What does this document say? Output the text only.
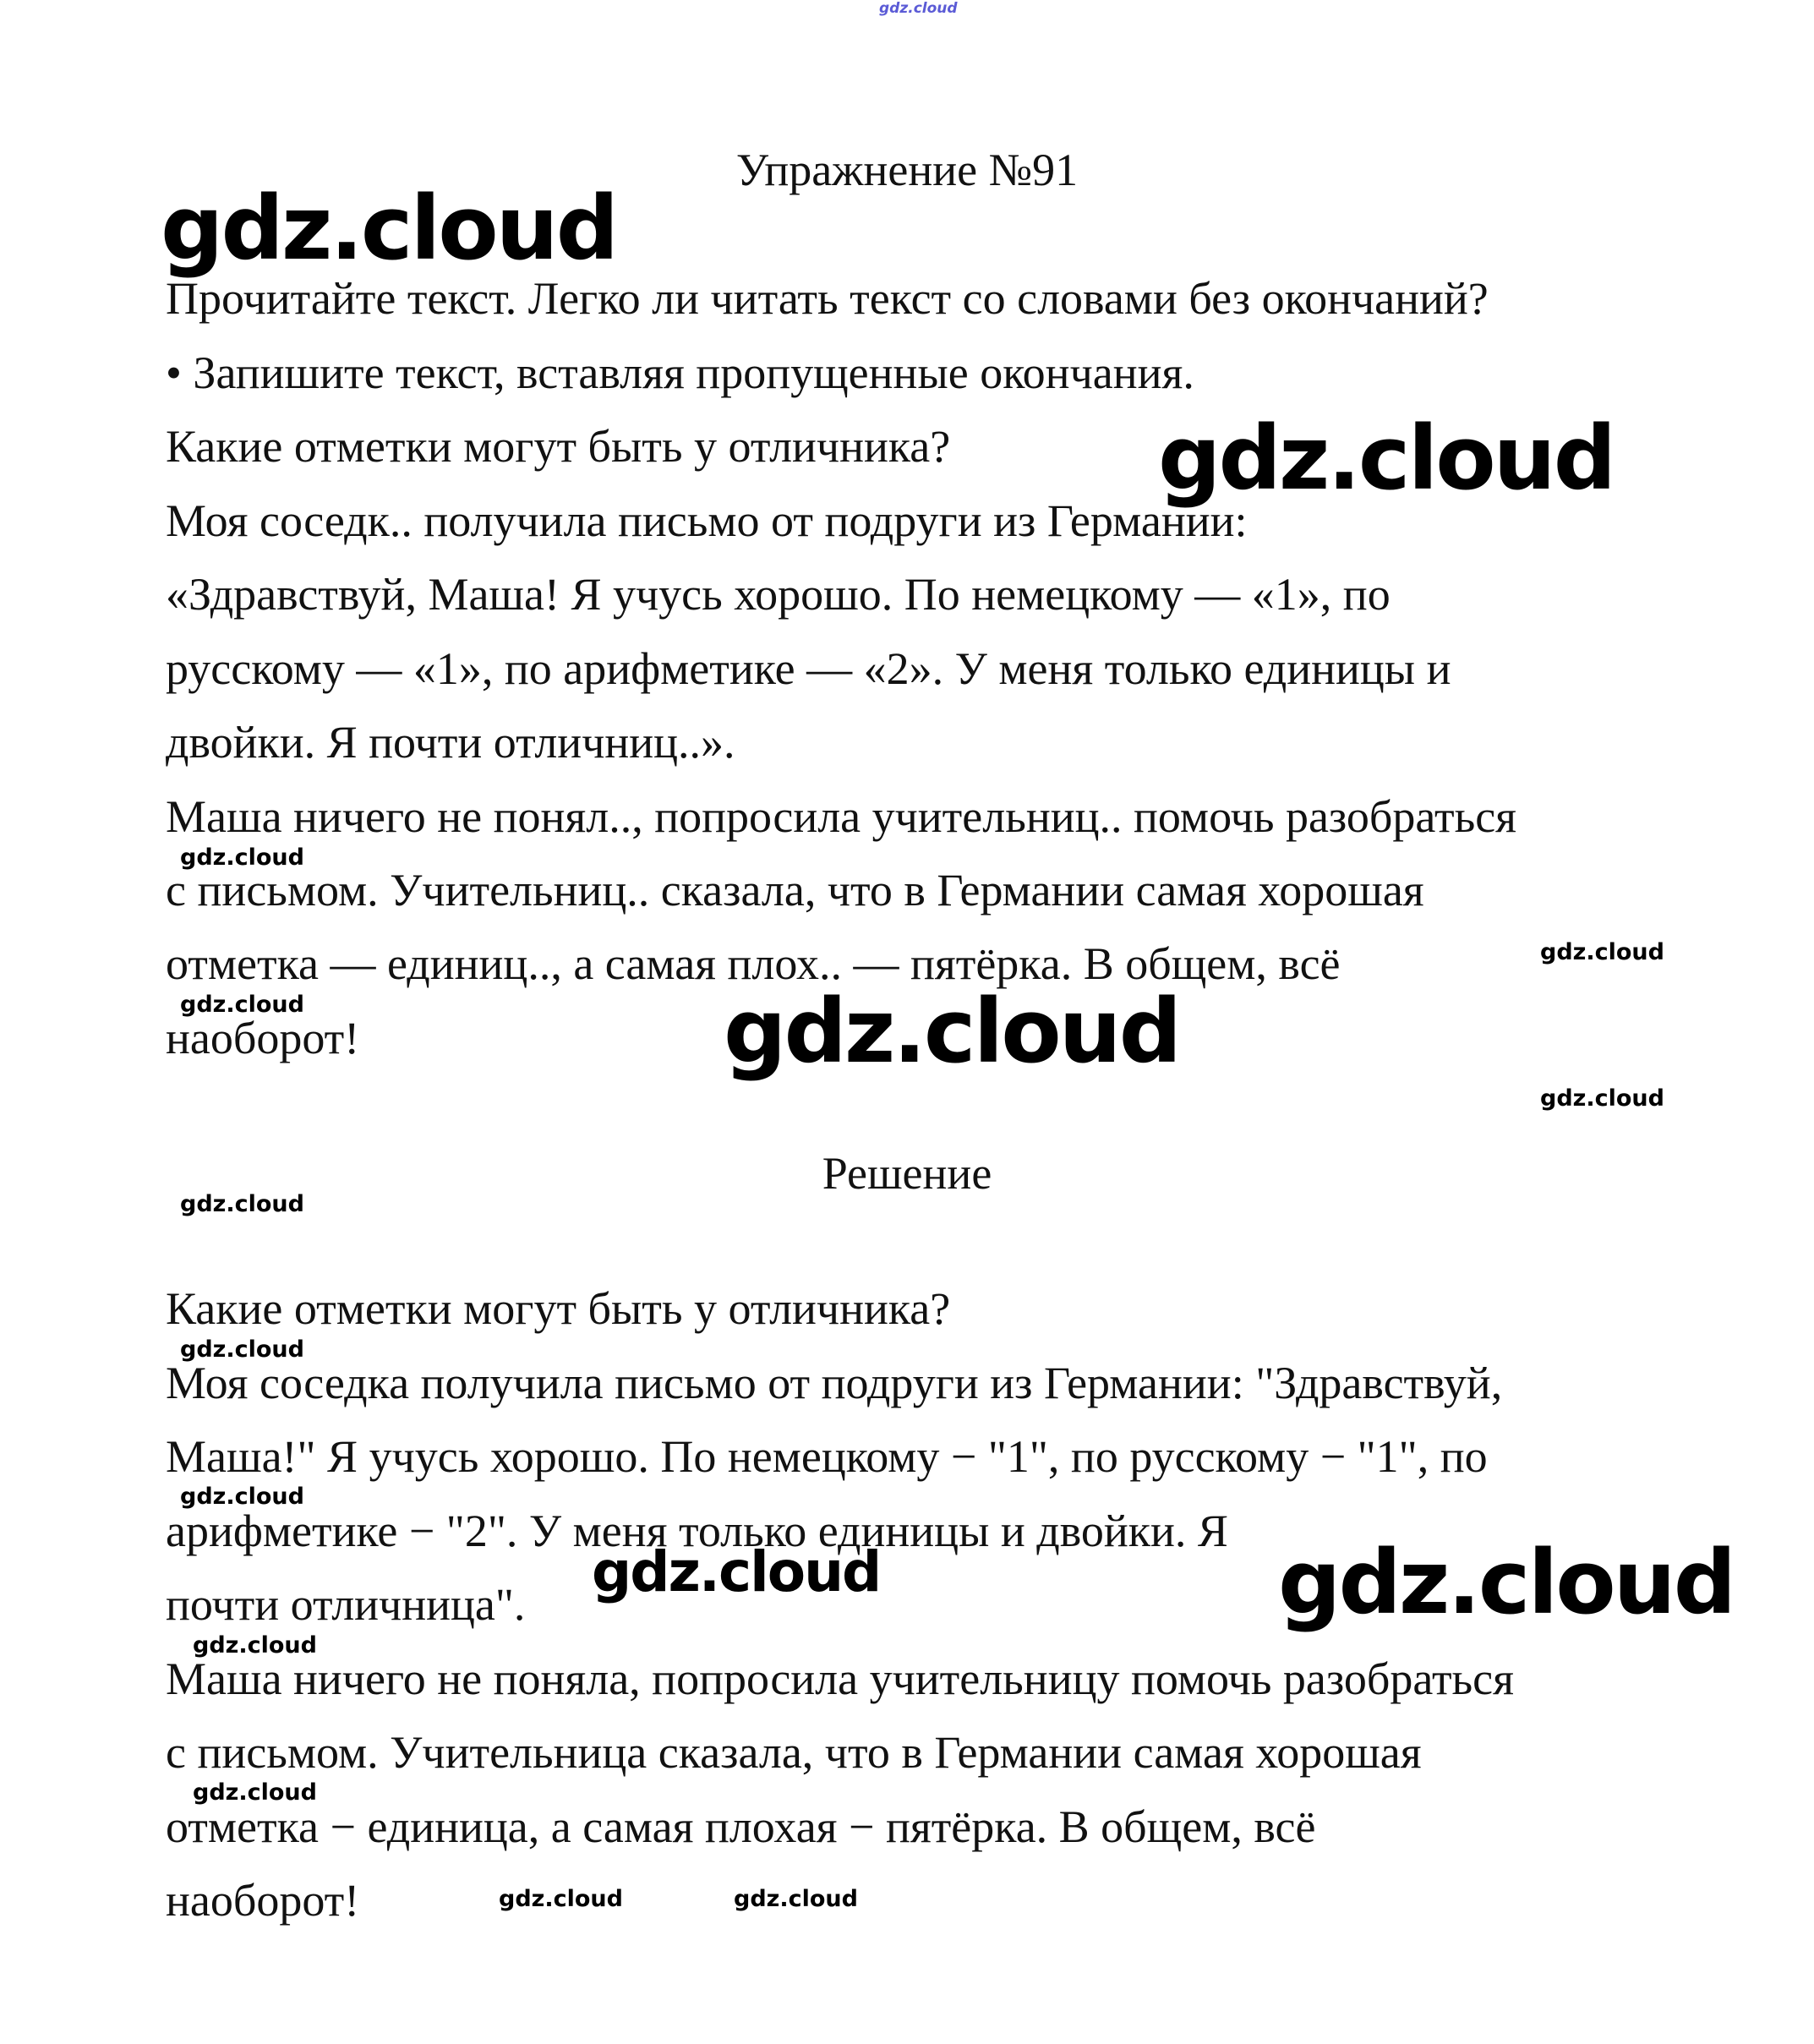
gdz.cloud
Упражнение №91
Прочитайте текст. Легко ли читать текст со словами без окончаний?
• Запишите текст, вставляя пропущенные окончания.
Какие отметки могут быть у отличника?
Моя соседк.. получила письмо от подруги из Германии:
«Здравствуй, Маша! Я учусь хорошо. По немецкому — «1», по
русскому — «1», по арифметике — «2». У меня только единицы и
двойки. Я почти отличниц..».
Маша ничего не понял.., попросила учительниц.. помочь разобраться
с письмом. Учительниц.. сказала, что в Германии самая хорошая
отметка — единиц.., а самая плох.. — пятёрка. В общем, всё
наоборот!
Решение
Какие отметки могут быть у отличника?
Моя соседка получила письмо от подруги из Германии: "Здравствуй,
Маша!" Я учусь хорошо. По немецкому − "1", по русскому − "1", по
арифметике − "2". У меня только единицы и двойки. Я
почти отличница".
Маша ничего не поняла, попросила учительницу помочь разобраться
с письмом. Учительница сказала, что в Германии самая хорошая
отметка − единица, а самая плохая − пятёрка. В общем, всё
наоборот!
gdz.cloud
gdz.cloud
gdz.cloud
gdz.cloud
gdz.cloud
gdz.cloud
gdz.cloud
gdz.cloud
gdz.cloud
gdz.cloud
gdz.cloud
gdz.cloud
gdz.cloud
gdz.cloud
gdz.cloud	gdz.cloud
